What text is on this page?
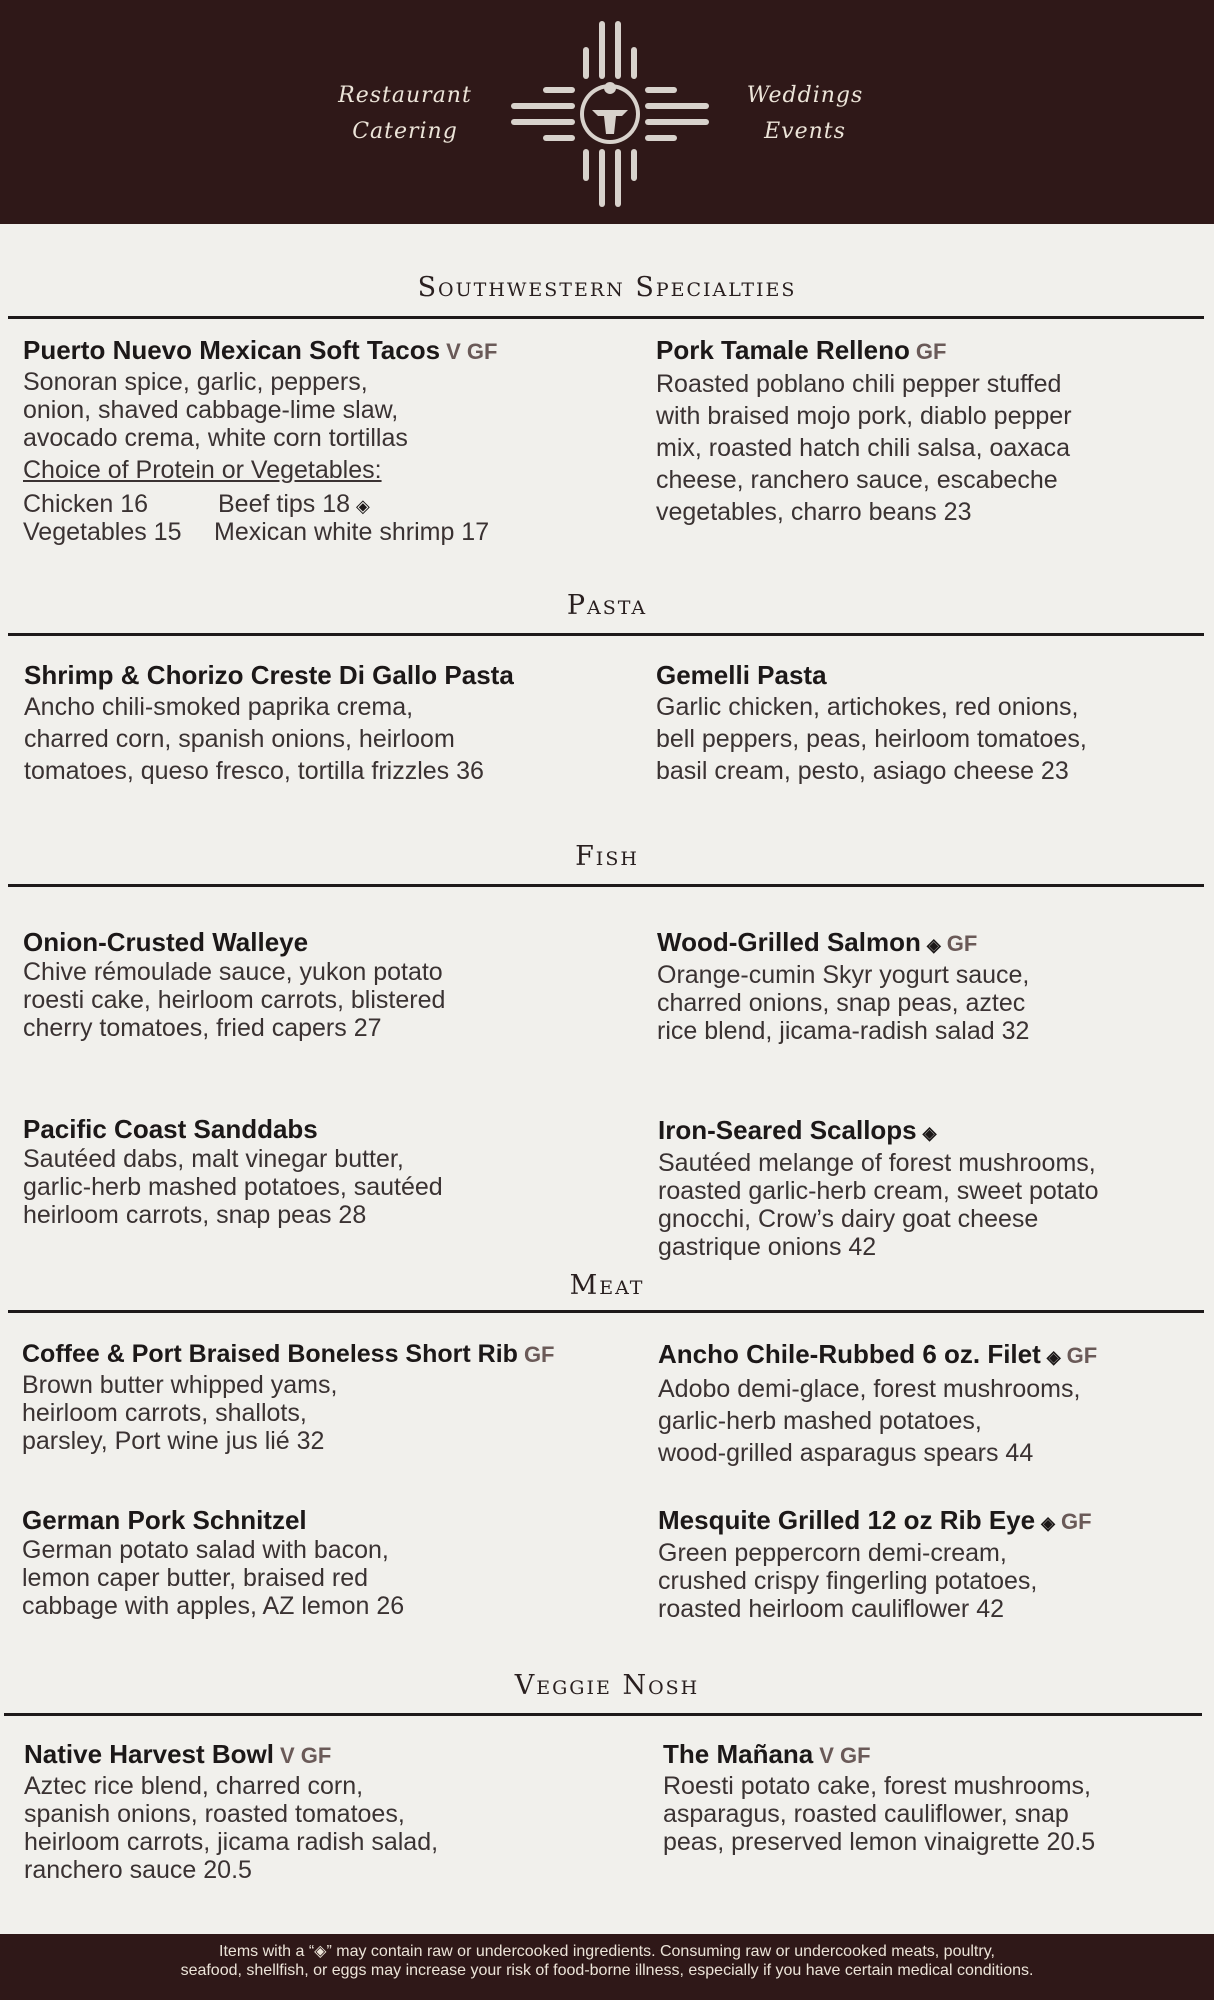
Restaurant
Catering
Weddings
Events
Southwestern Specialties
Puerto Nuevo Mexican Soft Tacos V GF
Sonoran spice, garlic, peppers,
onion, shaved cabbage-lime slaw,
avocado crema, white corn tortillas
Choice of Protein or Vegetables:
Chicken 16	Beef tips 18 ◈
Vegetables 15 Mexican white shrimp 17
Pork Tamale Relleno GF
Roasted poblano chili pepper stuffed
with braised mojo pork, diablo pepper
mix, roasted hatch chili salsa, oaxaca
cheese, ranchero sauce, escabeche
vegetables, charro beans 23
Pasta
Shrimp & Chorizo Creste Di Gallo Pasta
Ancho chili-smoked paprika crema,
charred corn, spanish onions, heirloom
tomatoes, queso fresco, tortilla frizzles 36
Gemelli Pasta
Garlic chicken, artichokes, red onions,
bell peppers, peas, heirloom tomatoes,
basil cream, pesto, asiago cheese 23
Fish
Onion-Crusted Walleye
Chive rémoulade sauce, yukon potato
roesti cake, heirloom carrots, blistered
cherry tomatoes, fried capers 27
Wood-Grilled Salmon ◈ GF
Orange-cumin Skyr yogurt sauce,
charred onions, snap peas, aztec
rice blend, jicama-radish salad 32
Pacific Coast Sanddabs
Sautéed dabs, malt vinegar butter,
garlic-herb mashed potatoes, sautéed
heirloom carrots, snap peas 28
Iron-Seared Scallops ◈
Sautéed melange of forest mushrooms,
roasted garlic-herb cream, sweet potato
gnocchi, Crow’s dairy goat cheese
gastrique onions 42
Meat
Coffee & Port Braised Boneless Short Rib GF
Brown butter whipped yams,
heirloom carrots, shallots,
parsley, Port wine jus lié 32
Ancho Chile-Rubbed 6 oz. Filet ◈ GF
Adobo demi-glace, forest mushrooms,
garlic-herb mashed potatoes,
wood-grilled asparagus spears 44
German Pork Schnitzel
German potato salad with bacon,
lemon caper butter, braised red
cabbage with apples, AZ lemon 26
Mesquite Grilled 12 oz Rib Eye ◈ GF
Green peppercorn demi-cream,
crushed crispy fingerling potatoes,
roasted heirloom cauliflower 42
Veggie Nosh
Native Harvest Bowl V GF
Aztec rice blend, charred corn,
spanish onions, roasted tomatoes,
heirloom carrots, jicama radish salad,
ranchero sauce 20.5
The Mañana V GF
Roesti potato cake, forest mushrooms,
asparagus, roasted cauliflower, snap
peas, preserved lemon vinaigrette 20.5
Items with a “◈” may contain raw or undercooked ingredients. Consuming raw or undercooked meats, poultry,
seafood, shellfish, or eggs may increase your risk of food-borne illness, especially if you have certain medical conditions.
